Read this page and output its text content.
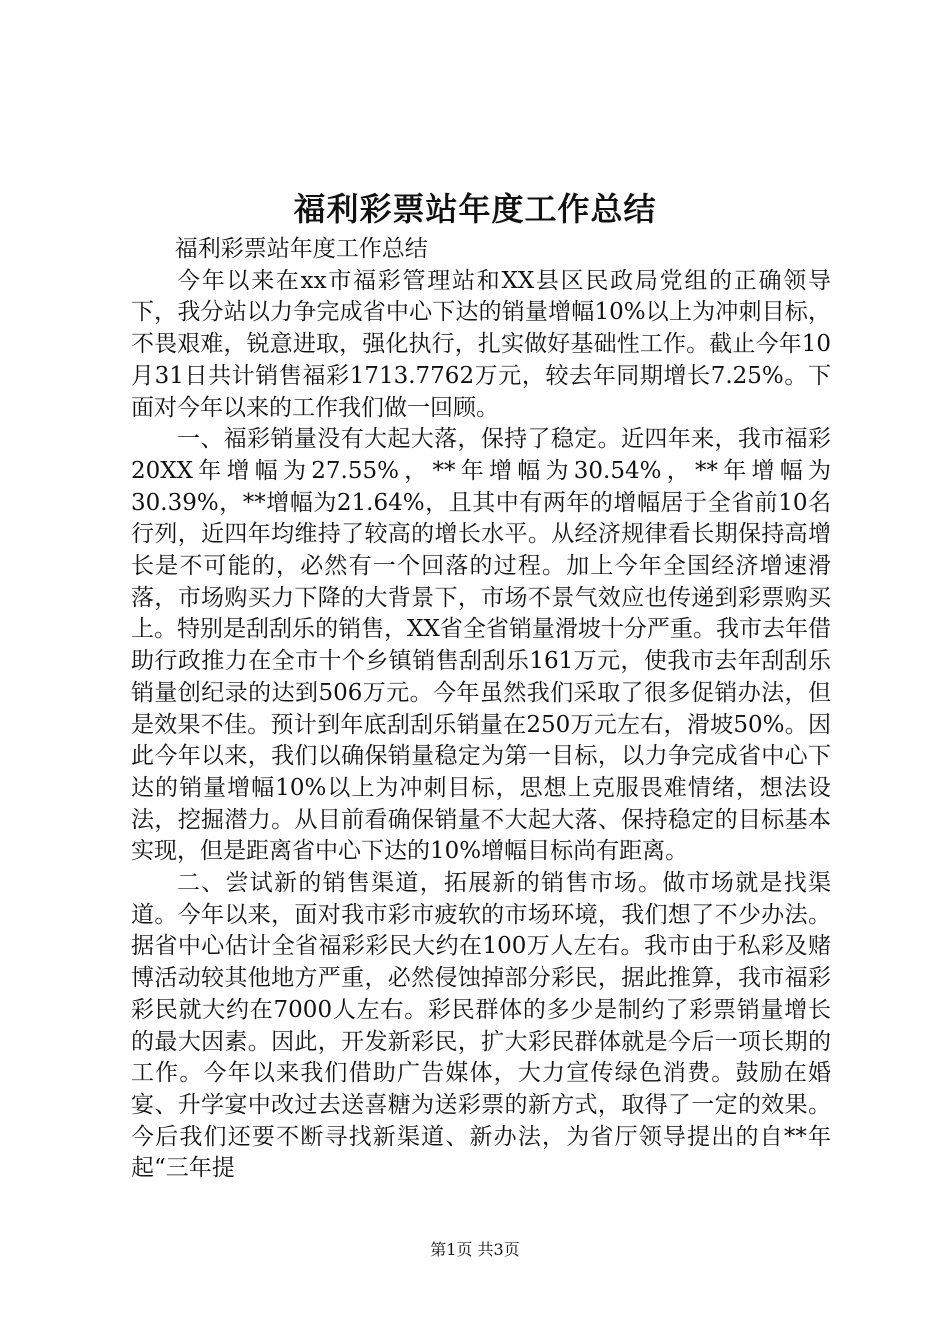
福利彩票站年度工作总结

福利彩票站年度工作总结

今年以来在xx市福彩管理站和XX县区民政局党组的正确领导下，我分站以力争完成省中心下达的销量增幅10%以上为冲刺目标，不畏艰难，锐意进取，强化执行，扎实做好基础性工作。截止今年10月31日共计销售福彩1713.7762万元，较去年同期增长7.25%。下面对今年以来的工作我们做一回顾。

一、福彩销量没有大起大落，保持了稳定。近四年来，我市福彩20XX年增幅为27.55%，**年增幅为30.54%，**年增幅为30.39%，**增幅为21.64%，且其中有两年的增幅居于全省前10名行列，近四年均维持了较高的增长水平。从经济规律看长期保持高增长是不可能的，必然有一个回落的过程。加上今年全国经济增速滑落，市场购买力下降的大背景下，市场不景气效应也传递到彩票购买上。特别是刮刮乐的销售，XX省全省销量滑坡十分严重。我市去年借助行政推力在全市十个乡镇销售刮刮乐161万元，使我市去年刮刮乐销量创纪录的达到506万元。今年虽然我们采取了很多促销办法，但是效果不佳。预计到年底刮刮乐销量在250万元左右，滑坡50%。因此今年以来，我们以确保销量稳定为第一目标，以力争完成省中心下达的销量增幅10%以上为冲刺目标，思想上克服畏难情绪，想法设法，挖掘潜力。从目前看确保销量不大起大落、保持稳定的目标基本实现，但是距离省中心下达的10%增幅目标尚有距离。

二、尝试新的销售渠道，拓展新的销售市场。做市场就是找渠道。今年以来，面对我市彩市疲软的市场环境，我们想了不少办法。据省中心估计全省福彩彩民大约在100万人左右。我市由于私彩及赌博活动较其他地方严重，必然侵蚀掉部分彩民，据此推算，我市福彩彩民就大约在7000人左右。彩民群体的多少是制约了彩票销量增长的最大因素。因此，开发新彩民，扩大彩民群体就是今后一项长期的工作。今年以来我们借助广告媒体，大力宣传绿色消费。鼓励在婚宴、升学宴中改过去送喜糖为送彩票的新方式，取得了一定的效果。今后我们还要不断寻找新渠道、新办法，为省厅领导提出的自**年起“三年提

第1页 共3页
